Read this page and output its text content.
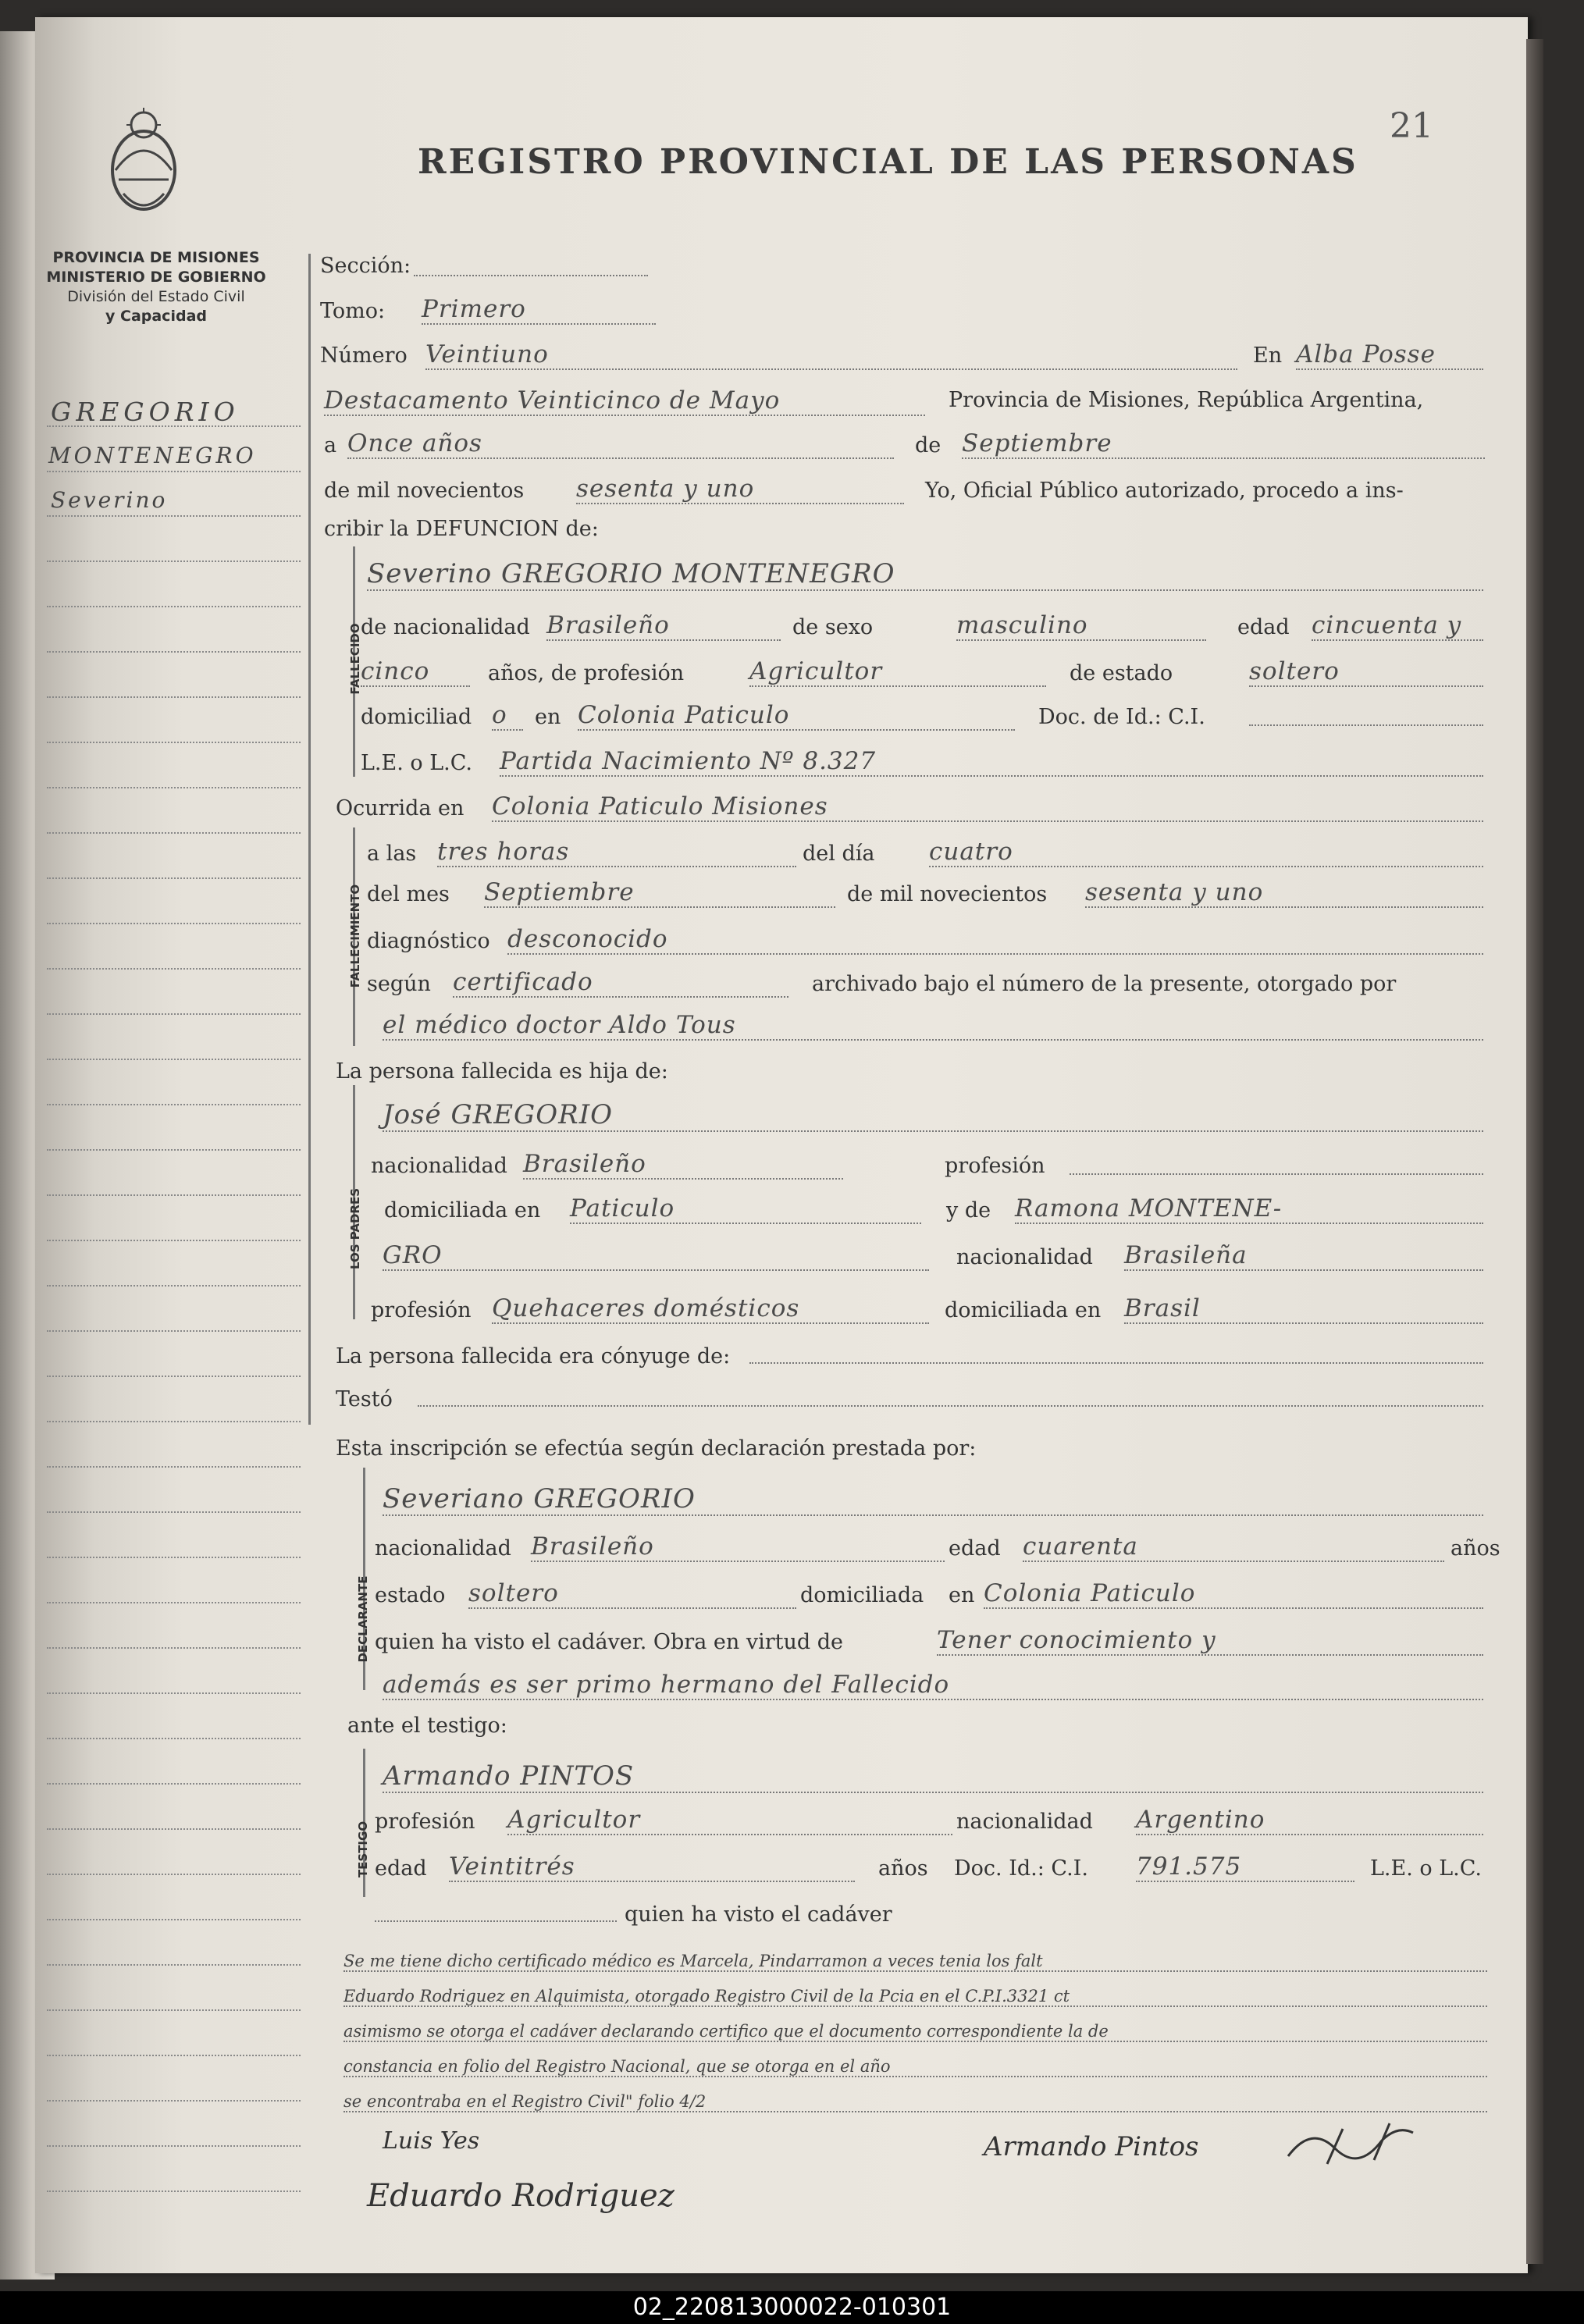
21
REGISTRO PROVINCIAL DE LAS PERSONAS
PROVINCIA DE MISIONES
MINISTERIO DE GOBIERNO
División del Estado Civil
y Capacidad
GREGORIO
MONTENEGRO
Severino
Sección:
Tomo: Primero
Número Veintiuno	En Alba Posse
Destacamento Veinticinco de Mayo	Provincia de Misiones, República Argentina,
a Once años	de Septiembre
de mil novecientos sesenta y uno	Yo, Oficial Público autorizado, procedo a ins-
cribir la DEFUNCION de:
FALLECIDO
Severino GREGORIO MONTENEGRO
de nacionalidad Brasileño	de sexo	masculino	edad cincuenta y
cinco	años, de profesión	Agricultor	de estado	soltero
domiciliad o	en Colonia Paticulo	Doc. de Id.: C.I.
L.E. o L.C. Partida Nacimiento Nº 8.327
Ocurrida en Colonia Paticulo Misiones
FALLECIMIENTO
a las tres horas	del día cuatro
del mes Septiembre	de mil novecientos sesenta y uno
diagnóstico desconocido
según certificado	archivado bajo el número de la presente, otorgado por
el médico doctor Aldo Tous
La persona fallecida es hija de:
LOS PADRES
José GREGORIO
nacionalidad Brasileño	profesión
domiciliada en Paticulo	y de Ramona MONTENE-
GRO	nacionalidad Brasileña
profesión Quehaceres domésticos	domiciliada en Brasil
La persona fallecida era cónyuge de:
Testó
Esta inscripción se efectúa según declaración prestada por:
DECLARANTE
Severiano GREGORIO
nacionalidad Brasileño	edad cuarenta	años
estado soltero	domiciliada en Colonia Paticulo
quien ha visto el cadáver. Obra en virtud de	Tener conocimiento y
además es ser primo hermano del Fallecido
ante el testigo:
TESTIGO
Armando PINTOS
profesión Agricultor	nacionalidad Argentino
edad Veintitrés	años Doc. Id.: C.I. 791.575	L.E. o L.C.
quien ha visto el cadáver
Se me tiene dicho certificado médico es Marcela, Pindarramon a veces tenia los falt
Eduardo Rodriguez en Alquimista, otorgado Registro Civil de la Pcia en el C.P.I.3321 ct
asimismo se otorga el cadáver declarando certifico que el documento correspondiente la de
constancia en folio del Registro Nacional, que se otorga en el año
se encontraba en el Registro Civil" folio 4/2
Luis Yes	Armando Pintos
Eduardo Rodriguez
02_220813000022-010301
